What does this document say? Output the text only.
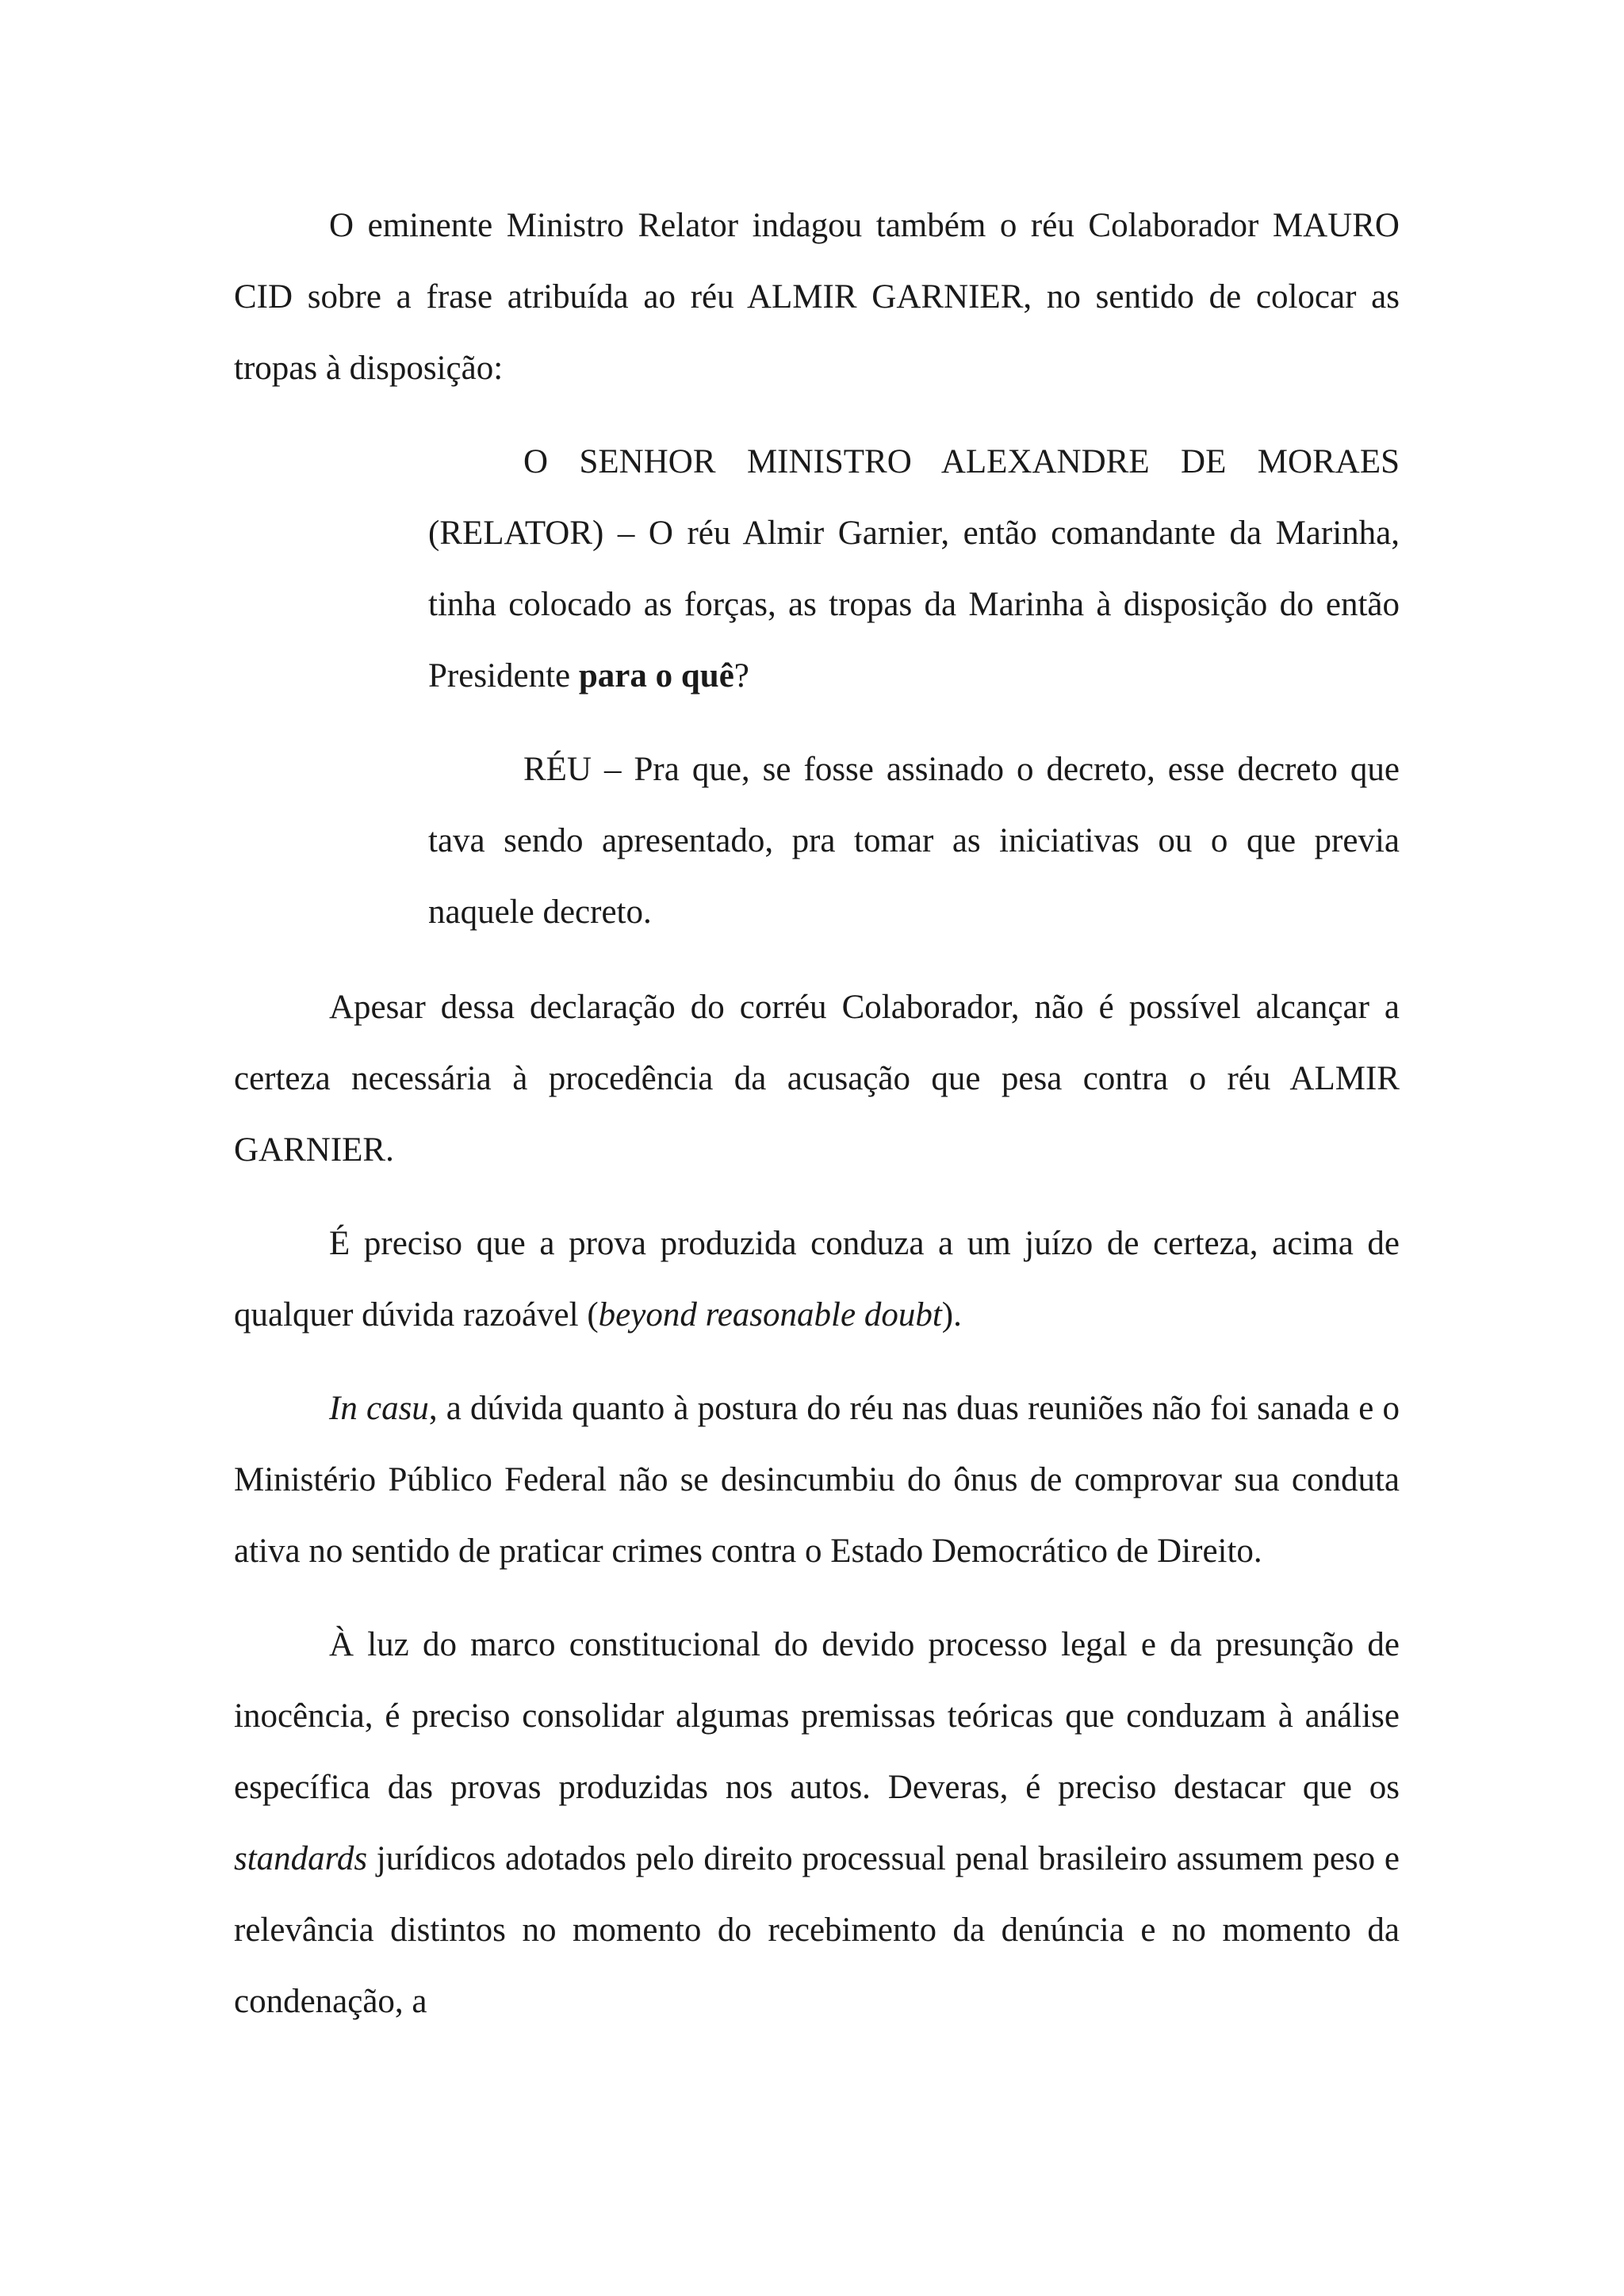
O eminente Ministro Relator indagou também o réu Colaborador MAURO CID sobre a frase atribuída ao réu ALMIR GARNIER, no sentido de colocar as tropas à disposição:

O SENHOR MINISTRO ALEXANDRE DE MORAES (RELATOR) – O réu Almir Garnier, então comandante da Marinha, tinha colocado as forças, as tropas da Marinha à disposição do então Presidente para o quê?

RÉU – Pra que, se fosse assinado o decreto, esse decreto que tava sendo apresentado, pra tomar as iniciativas ou o que previa naquele decreto.

Apesar dessa declaração do corréu Colaborador, não é possível alcançar a certeza necessária à procedência da acusação que pesa contra o réu ALMIR GARNIER.

É preciso que a prova produzida conduza a um juízo de certeza, acima de qualquer dúvida razoável (beyond reasonable doubt).

In casu, a dúvida quanto à postura do réu nas duas reuniões não foi sanada e o Ministério Público Federal não se desincumbiu do ônus de comprovar sua conduta ativa no sentido de praticar crimes contra o Estado Democrático de Direito.

À luz do marco constitucional do devido processo legal e da presunção de inocência, é preciso consolidar algumas premissas teóricas que conduzam à análise específica das provas produzidas nos autos. Deveras, é preciso destacar que os standards jurídicos adotados pelo direito processual penal brasileiro assumem peso e relevância distintos no momento do recebimento da denúncia e no momento da condenação, a
